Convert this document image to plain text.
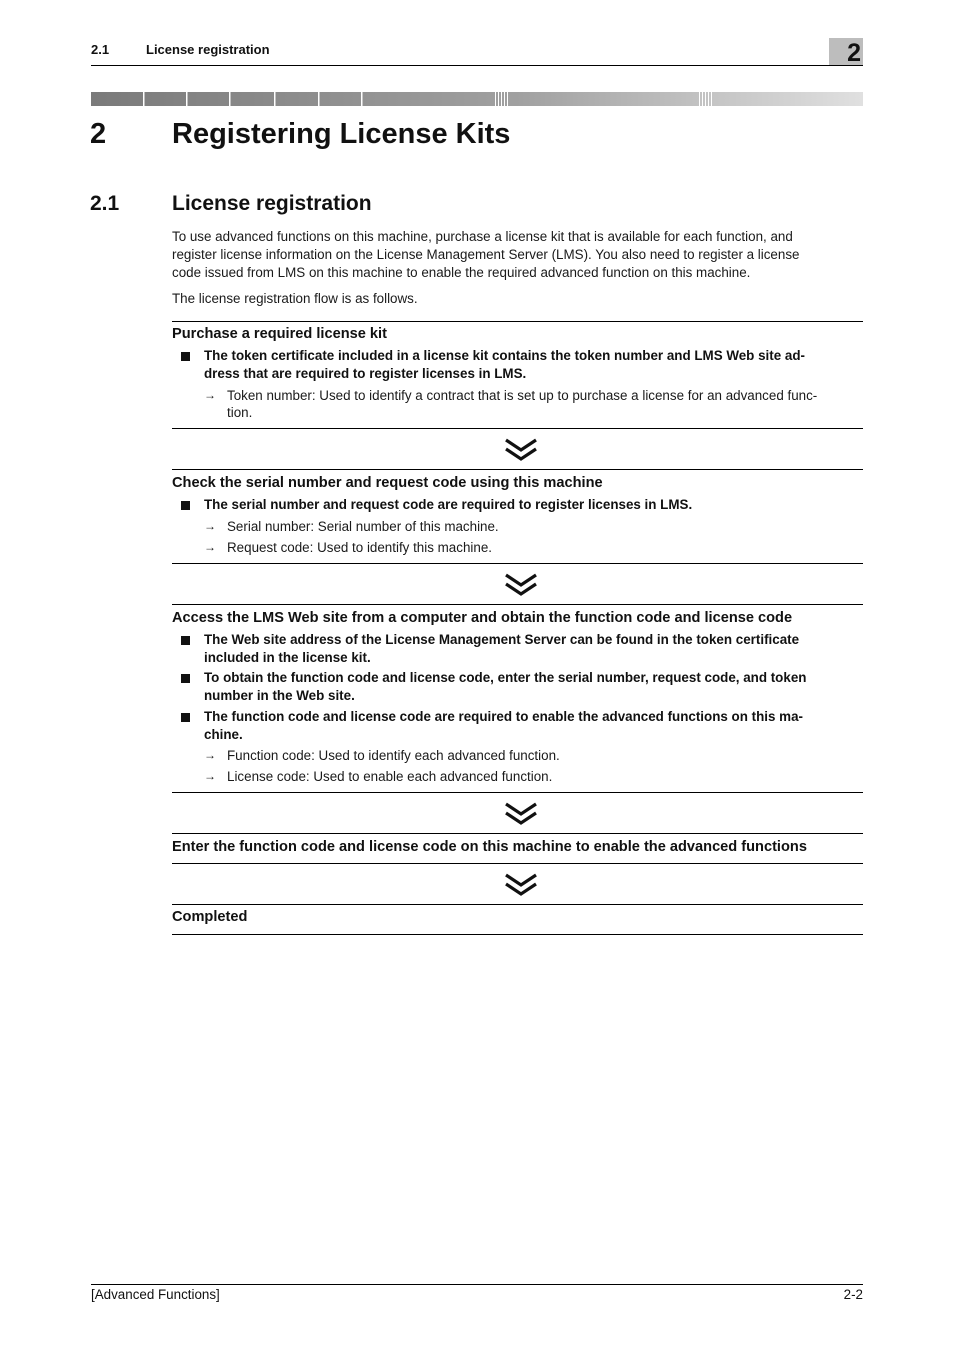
2.1	License registration	2
2 Registering License Kits
2.1	License registration
To use advanced functions on this machine, purchase a license kit that is available for each function, and
register license information on the License Management Server (LMS). You also need to register a license
code issued from LMS on this machine to enable the required advanced function on this machine.
The license registration flow is as follows.
Purchase a required license kit
The token certificate included in a license kit contains the token number and LMS Web site ad-
dress that are required to register licenses in LMS.
→ Token number: Used to identify a contract that is set up to purchase a license for an advanced func-
tion.
Check the serial number and request code using this machine
The serial number and request code are required to register licenses in LMS.
→ Serial number: Serial number of this machine.
→ Request code: Used to identify this machine.
Access the LMS Web site from a computer and obtain the function code and license code
The Web site address of the License Management Server can be found in the token certificate
included in the license kit.
To obtain the function code and license code, enter the serial number, request code, and token
number in the Web site.
The function code and license code are required to enable the advanced functions on this ma-
chine.
→ Function code: Used to identify each advanced function.
→ License code: Used to enable each advanced function.
Enter the function code and license code on this machine to enable the advanced functions
Completed
[Advanced Functions]	2-2
